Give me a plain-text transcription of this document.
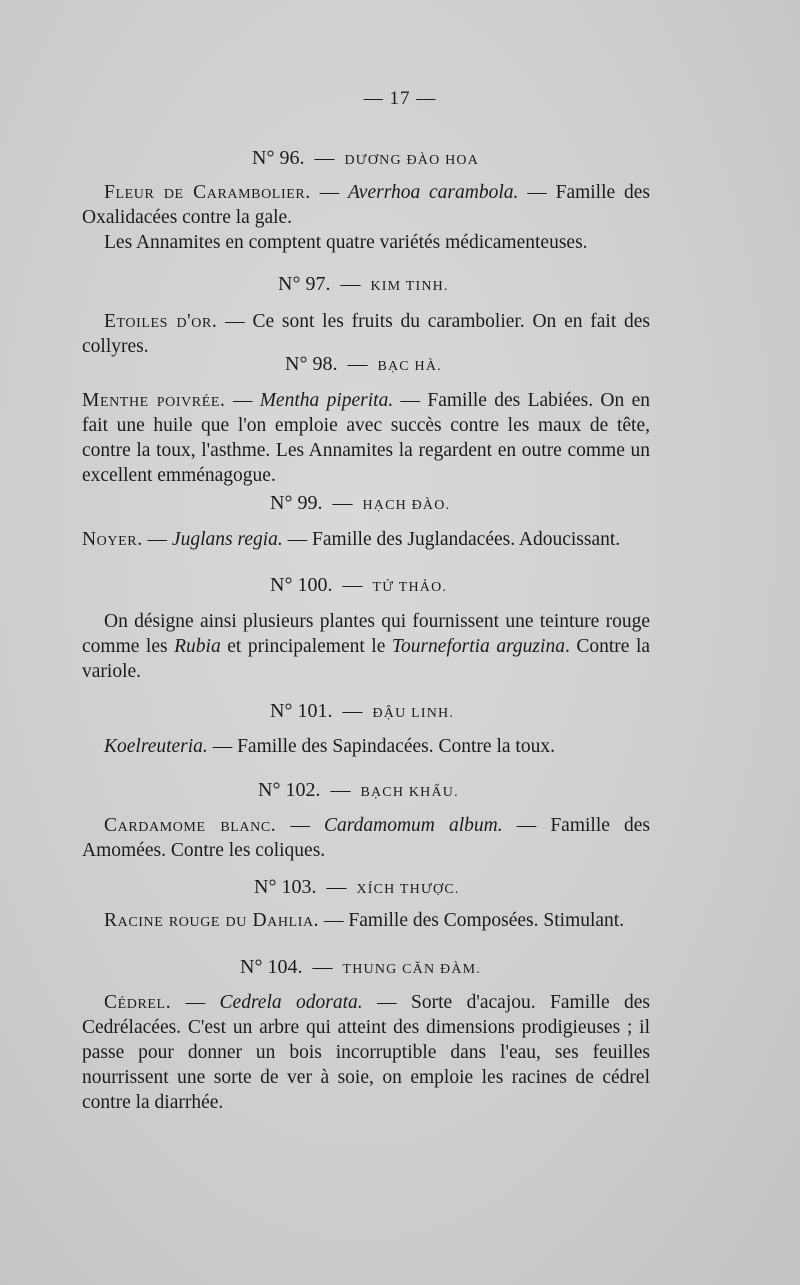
— 17 —
N° 96. — DƯƠNG ĐÀO HOA

Fleur de Carambolier. — Averrhoa carambola. — Famille des Oxalidacées contre la gale.

Les Annamites en comptent quatre variétés médicamenteuses.

N° 97. — KIM TINH.

Etoiles d'or. — Ce sont les fruits du carambolier. On en fait des collyres.

N° 98. — BẠC HÀ.

Menthe poivrée. — Mentha piperita. — Famille des Labiées. On en fait une huile que l'on emploie avec succès contre les maux de tête, contre la toux, l'asthme. Les Annamites la regardent en outre comme un excellent emménagogue.

N° 99. — HẠCH ĐÀO.

Noyer. — Juglans regia. — Famille des Juglandacées. Adoucissant.

N° 100. — TỬ THẢO.

On désigne ainsi plusieurs plantes qui fournissent une teinture rouge comme les Rubia et principalement le Tournefortia arguzina. Contre la variole.

N° 101. — ĐẬU LINH.

Koelreuteria. — Famille des Sapindacées. Contre la toux.

N° 102. — BẠCH KHẤU.

Cardamome blanc. — Cardamomum album. — Famille des Amomées. Contre les coliques.

N° 103. — XÍCH THƯỢC.

Racine rouge du Dahlia. — Famille des Composées. Stimulant.

N° 104. — THUNG CĂN ĐÀM.

Cédrel. — Cedrela odorata. — Sorte d'acajou. Famille des Cedrélacées. C'est un arbre qui atteint des dimensions prodigieuses ; il passe pour donner un bois incorruptible dans l'eau, ses feuilles nourrissent une sorte de ver à soie, on emploie les racines de cédrel contre la diarrhée.
